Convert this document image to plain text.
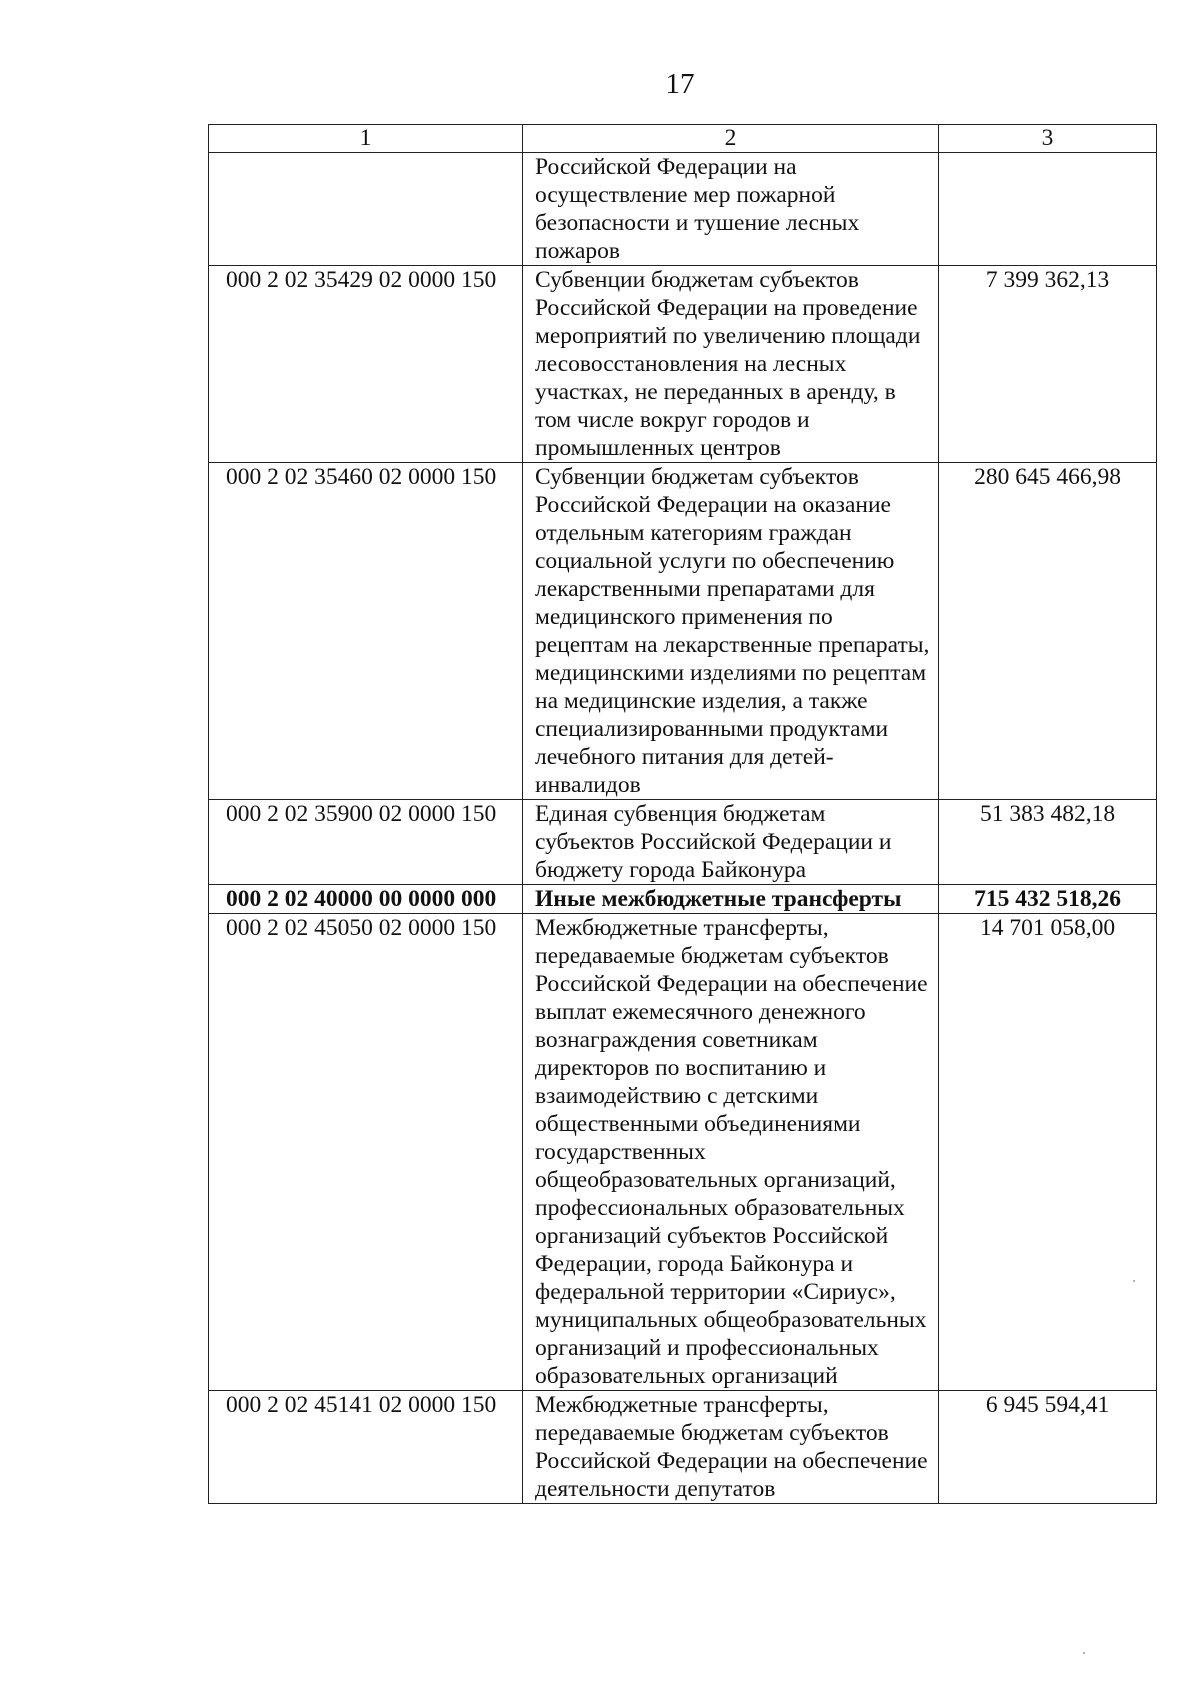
17
1	2	3
	Российской Федерации на осуществление мер пожарной безопасности и тушение лесных пожаров	
000 2 02 35429 02 0000 150	Субвенции бюджетам субъектов Российской Федерации на проведение мероприятий по увеличению площади лесовосстановления на лесных участках, не переданных в аренду, в том числе вокруг городов и промышленных центров	7 399 362,13
000 2 02 35460 02 0000 150	Субвенции бюджетам субъектов Российской Федерации на оказание отдельным категориям граждан социальной услуги по обеспечению лекарственными препаратами для медицинского применения по рецептам на лекарственные препараты, медицинскими изделиями по рецептам на медицинские изделия, а также специализированными продуктами лечебного питания для детей-инвалидов	280 645 466,98
000 2 02 35900 02 0000 150	Единая субвенция бюджетам субъектов Российской Федерации и бюджету города Байконура	51 383 482,18
000 2 02 40000 00 0000 000	Иные межбюджетные трансферты	715 432 518,26
000 2 02 45050 02 0000 150	Межбюджетные трансферты, передаваемые бюджетам субъектов Российской Федерации на обеспечение выплат ежемесячного денежного вознаграждения советникам директоров по воспитанию и взаимодействию с детскими общественными объединениями государственных общеобразовательных организаций, профессиональных образовательных организаций субъектов Российской Федерации, города Байконура и федеральной территории «Сириус», муниципальных общеобразовательных организаций и профессиональных образовательных организаций	14 701 058,00
000 2 02 45141 02 0000 150	Межбюджетные трансферты, передаваемые бюджетам субъектов Российской Федерации на обеспечение деятельности депутатов	6 945 594,41
